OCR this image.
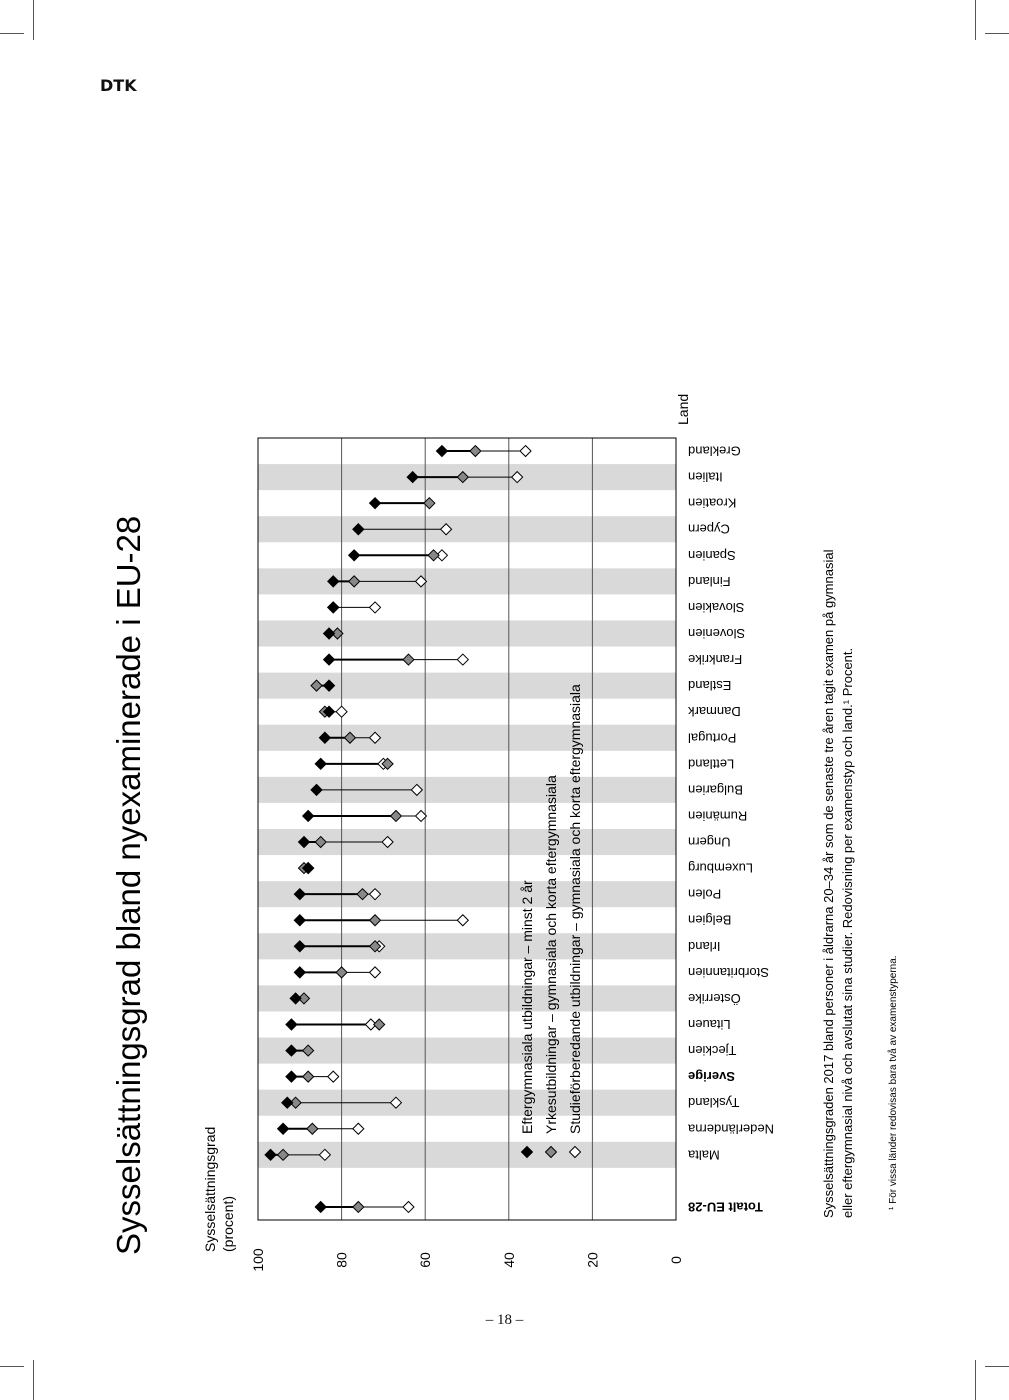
DTK
– 18 –
0
20
40
60
80
100
Totalt EU-28
Malta
Nederländerna
Tyskland
Sverige
Tjeckien
Litauen
Österrike
Storbritannien
Irland
Belgien
Polen
Luxemburg
Ungern
Rumänien
Bulgarien
Lettland
Portugal
Danmark
Estland
Frankrike
Slovenien
Slovakien
Finland
Spanien
Cypern
Kroatien
Italien
Grekland
Eftergymnasiala utbildningar – minst 2 år Yrkesutbildningar – gymnasiala och korta eftergymnasiala Studieförberedande utbildningar – gymnasiala och korta eftergymnasiala
Sysselsättningsgrad bland nyexaminerade i EU-28	Sysselsättningsgrad (procent)
Land
Sysselsättningsgraden 2017 bland personer i åldrarna 20–34 år som de senaste tre åren tagit examen på gymnasial eller eftergymnasial nivå och avslutat sina studier. Redovisning per examenstyp och land.¹ Procent.	¹ För vissa länder redovisas bara två av examenstyperna.
